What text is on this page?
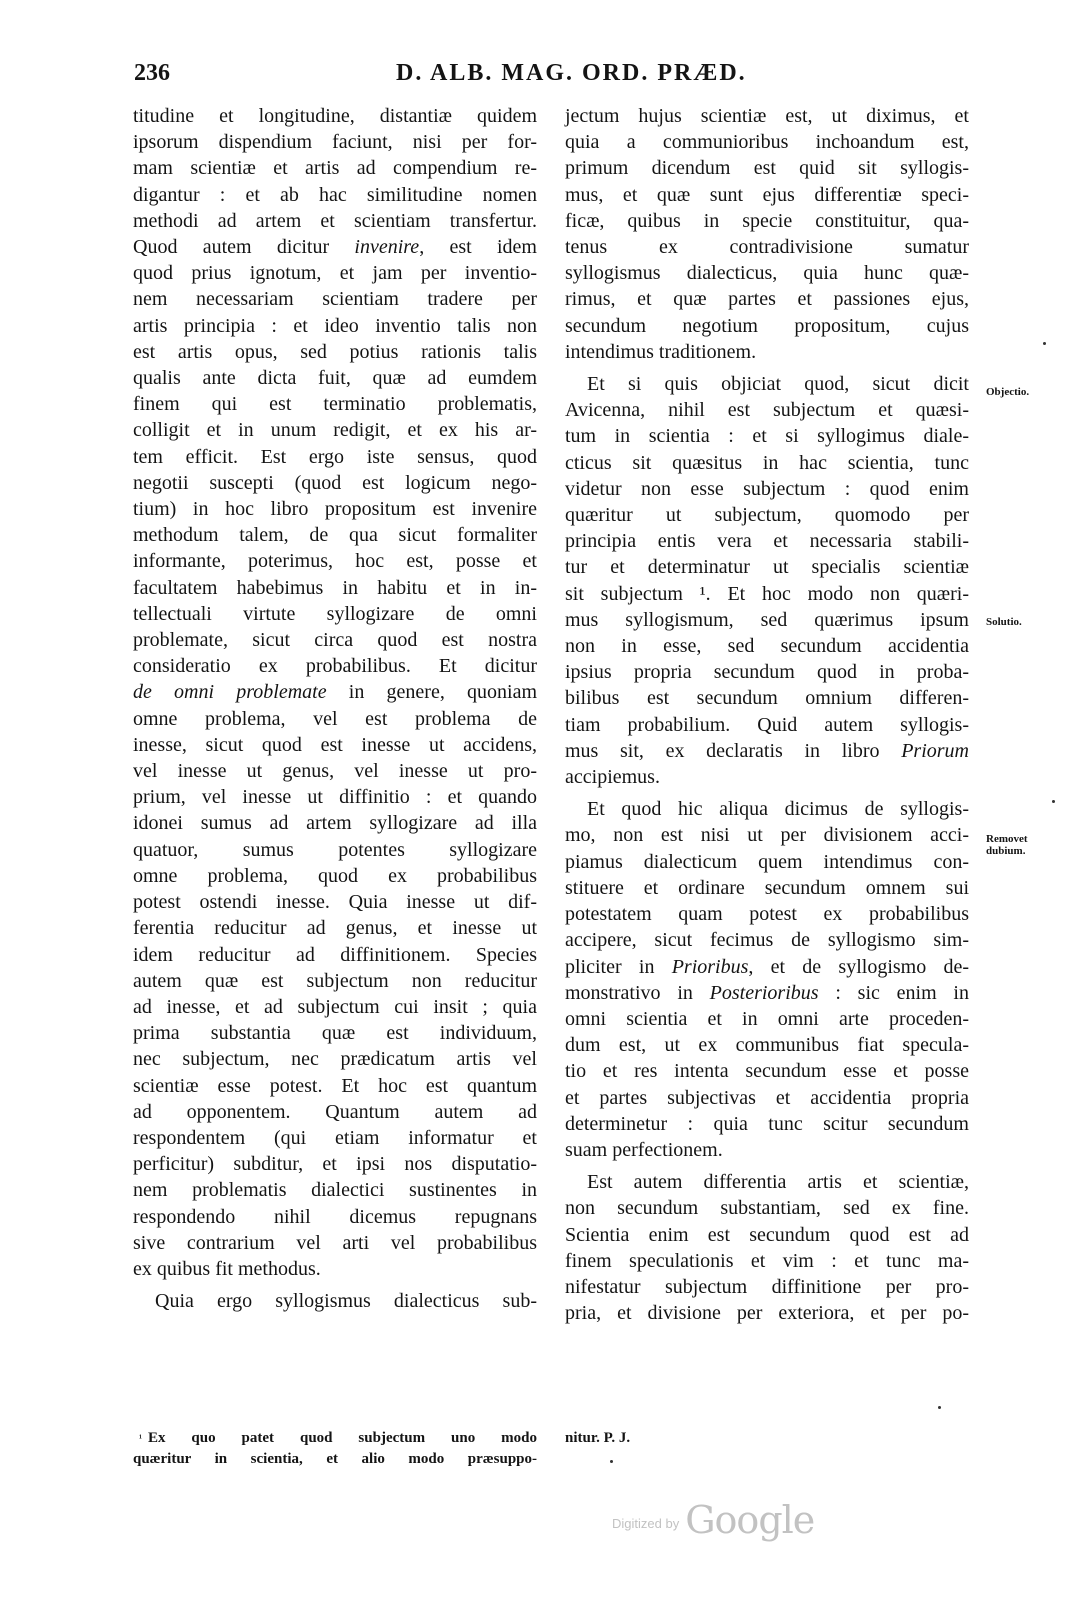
236	D. ALB. MAG. ORD. PRÆD.
titudine et longitudine, distantiæ quidem
ipsorum dispendium faciunt, nisi per for-
mam scientiæ et artis ad compendium re-
digantur : et ab hac similitudine nomen
methodi ad artem et scientiam transfertur.
Quod autem dicitur invenire, est idem
quod prius ignotum, et jam per inventio-
nem necessariam scientiam tradere per
artis principia : et ideo inventio talis non
est artis opus, sed potius rationis talis
qualis ante dicta fuit, quæ ad eumdem
finem qui est terminatio problematis,
colligit et in unum redigit, et ex his ar-
tem efficit. Est ergo iste sensus, quod
negotii suscepti (quod est logicum nego-
tium) in hoc libro propositum est invenire
methodum talem, de qua sicut formaliter
informante, poterimus, hoc est, posse et
facultatem habebimus in habitu et in in-
tellectuali virtute syllogizare de omni
problemate, sicut circa quod est nostra
consideratio ex probabilibus. Et dicitur
de omni problemate in genere, quoniam
omne problema, vel est problema de
inesse, sicut quod est inesse ut accidens,
vel inesse ut genus, vel inesse ut pro-
prium, vel inesse ut diffinitio : et quando
idonei sumus ad artem syllogizare ad illa
quatuor, sumus potentes syllogizare
omne problema, quod ex probabilibus
potest ostendi inesse. Quia inesse ut dif-
ferentia reducitur ad genus, et inesse ut
idem reducitur ad diffinitionem. Species
autem quæ est subjectum non reducitur
ad inesse, et ad subjectum cui insit ; quia
prima substantia quæ est individuum,
nec subjectum, nec prædicatum artis vel
scientiæ esse potest. Et hoc est quantum
ad opponentem. Quantum autem ad
respondentem (qui etiam informatur et
perficitur) subditur, et ipsi nos disputatio-
nem problematis dialectici sustinentes in
respondendo nihil dicemus repugnans
sive contrarium vel arti vel probabilibus
ex quibus fit methodus.
Quia ergo syllogismus dialecticus sub-
jectum hujus scientiæ est, ut diximus, et
quia a communioribus inchoandum est,
primum dicendum est quid sit syllogis-
mus, et quæ sunt ejus differentiæ speci-
ficæ, quibus in specie constituitur, qua-
tenus ex contradivisione sumatur
syllogismus dialecticus, quia hunc quæ-
rimus, et quæ partes et passiones ejus,
secundum negotium propositum, cujus
intendimus traditionem.
Et si quis objiciat quod, sicut dicit
Avicenna, nihil est subjectum et quæsi-
tum in scientia : et si syllogimus diale-
cticus sit quæsitus in hac scientia, tunc
videtur non esse subjectum : quod enim
quæritur ut subjectum, quomodo per
principia entis vera et necessaria stabili-
tur et determinatur ut specialis scientiæ
sit subjectum ¹. Et hoc modo non quæri-
mus syllogismum, sed quærimus ipsum
non in esse, sed secundum accidentia
ipsius propria secundum quod in proba-
bilibus est secundum omnium differen-
tiam probabilium. Quid autem syllogis-
mus sit, ex declaratis in libro Priorum
accipiemus.
Et quod hic aliqua dicimus de syllogis-
mo, non est nisi ut per divisionem acci-
piamus dialecticum quem intendimus con-
stituere et ordinare secundum omnem sui
potestatem quam potest ex probabilibus
accipere, sicut fecimus de syllogismo sim-
pliciter in Prioribus, et de syllogismo de-
monstrativo in Posterioribus : sic enim in
omni scientia et in omni arte proceden-
dum est, ut ex communibus fiat specula-
tio et res intenta secundum esse et posse
et partes subjectivas et accidentia propria
determinetur : quia tunc scitur secundum
suam perfectionem.
Est autem differentia artis et scientiæ,
non secundum substantiam, sed ex fine.
Scientia enim est secundum quod est ad
finem speculationis et vim : et tunc ma-
nifestatur subjectum diffinitione per pro-
pria, et divisione per exteriora, et per po-
Objectio.
Solutio.
Removet
dubium.
$^{^1}$ Ex quo patet quod subjectum uno modo
quæritur in scientia, et alio modo præsuppo-
nitur. P. J.
$^{Digitized by}$ Google
